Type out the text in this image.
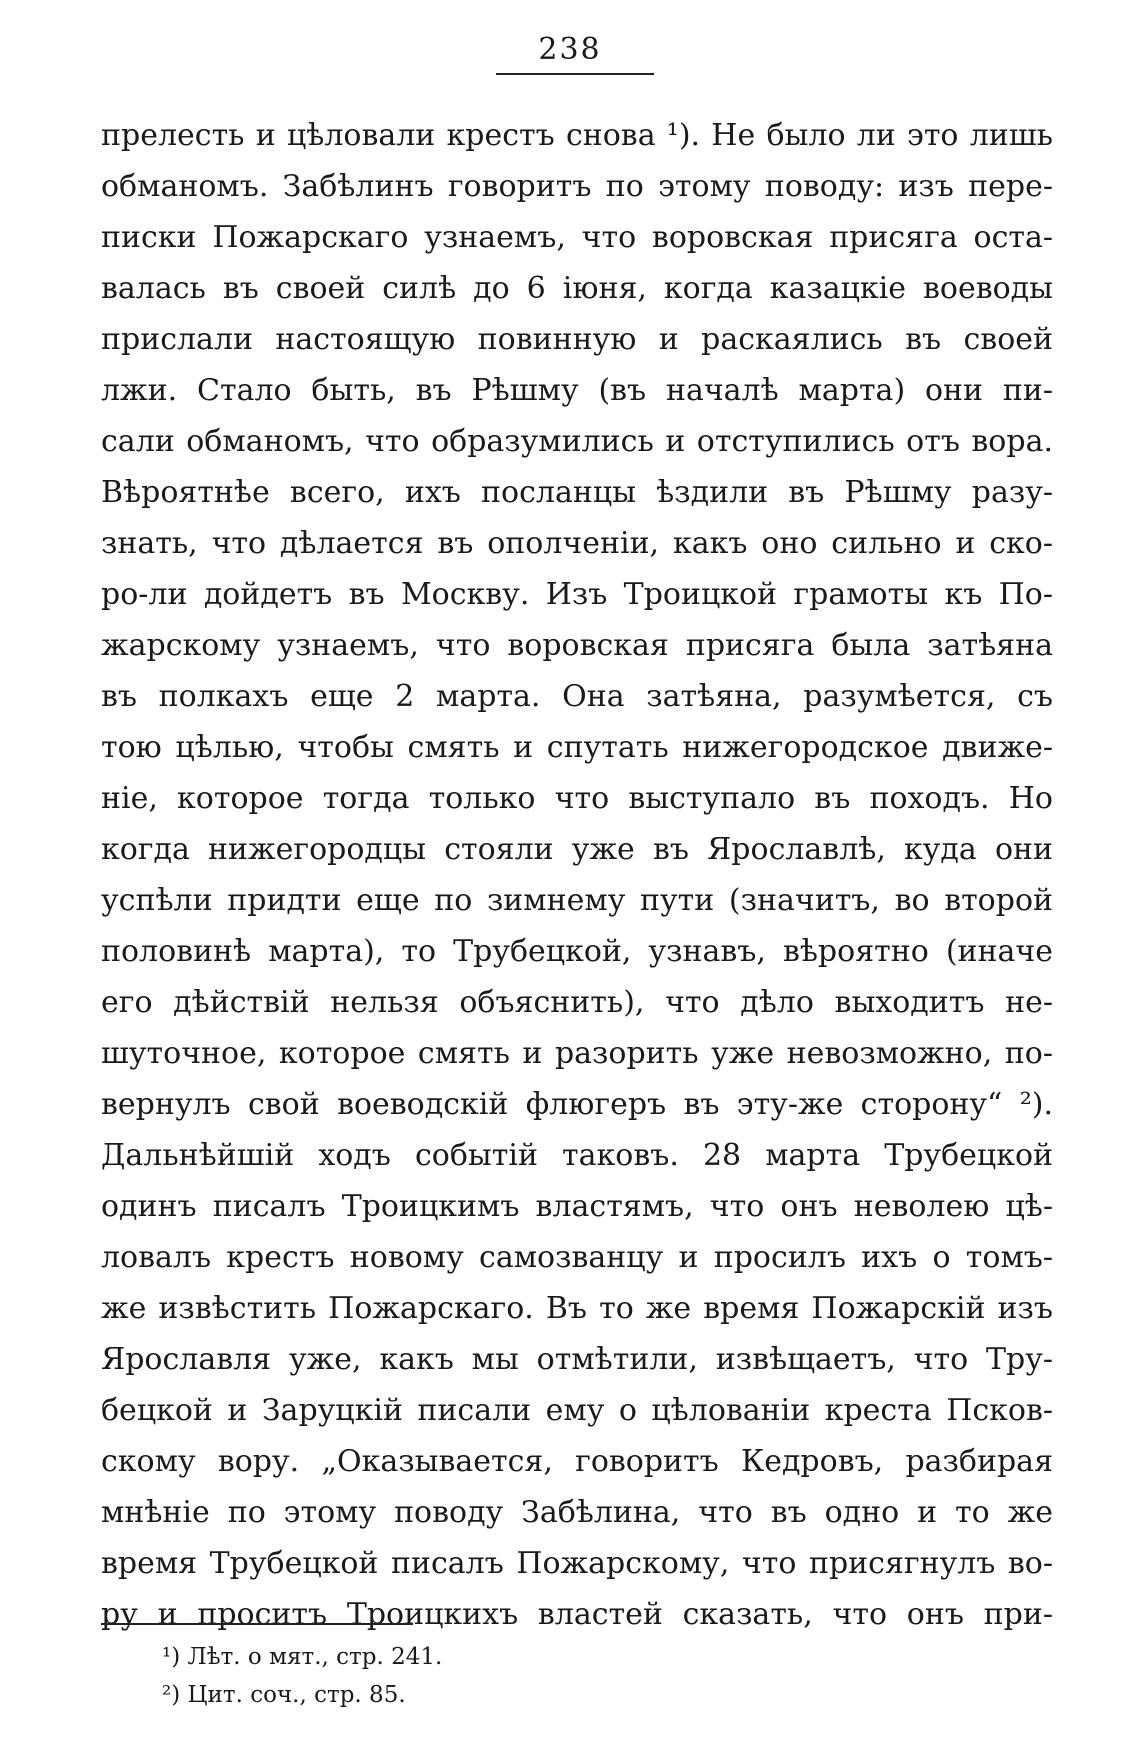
238
прелесть и цѣловали крестъ снова ¹). Не было ли это лишь
обманомъ. Забѣлинъ говоритъ по этому поводу: изъ пере-
писки Пожарскаго узнаемъ, что воровская присяга оста-
валась въ своей силѣ до 6 іюня, когда казацкіе воеводы
прислали настоящую повинную и раскаялись въ своей
лжи. Стало быть, въ Рѣшму (въ началѣ марта) они пи-
сали обманомъ, что образумились и отступились отъ вора.
Вѣроятнѣе всего, ихъ посланцы ѣздили въ Рѣшму разу-
знать, что дѣлается въ ополченіи, какъ оно сильно и ско-
ро-ли дойдетъ въ Москву. Изъ Троицкой грамоты къ По-
жарскому узнаемъ, что воровская присяга была затѣяна
въ полкахъ еще 2 марта. Она затѣяна, разумѣется, съ
тою цѣлью, чтобы смять и спутать нижегородское движе-
ніе, которое тогда только что выступало въ походъ. Но
когда нижегородцы стояли уже въ Ярославлѣ, куда они
успѣли придти еще по зимнему пути (значитъ, во второй
половинѣ марта), то Трубецкой, узнавъ, вѣроятно (иначе
его дѣйствій нельзя объяснить), что дѣло выходитъ не-
шуточное, которое смять и разорить уже невозможно, по-
вернулъ свой воеводскій флюгеръ въ эту-же сторону“ ²).
Дальнѣйшій ходъ событій таковъ. 28 марта Трубецкой
одинъ писалъ Троицкимъ властямъ, что онъ неволею цѣ-
ловалъ крестъ новому самозванцу и просилъ ихъ о томъ-
же извѣстить Пожарскаго. Въ то же время Пожарскій изъ
Ярославля уже, какъ мы отмѣтили, извѣщаетъ, что Тру-
бецкой и Заруцкій писали ему о цѣлованіи креста Псков-
скому вору. „Оказывается, говоритъ Кедровъ, разбирая
мнѣніе по этому поводу Забѣлина, что въ одно и то же
время Трубецкой писалъ Пожарскому, что присягнулъ во-
ру и проситъ Троицкихъ властей сказать, что онъ при-
¹) Лѣт. о мят., стр. 241.
²) Цит. соч., стр. 85.
